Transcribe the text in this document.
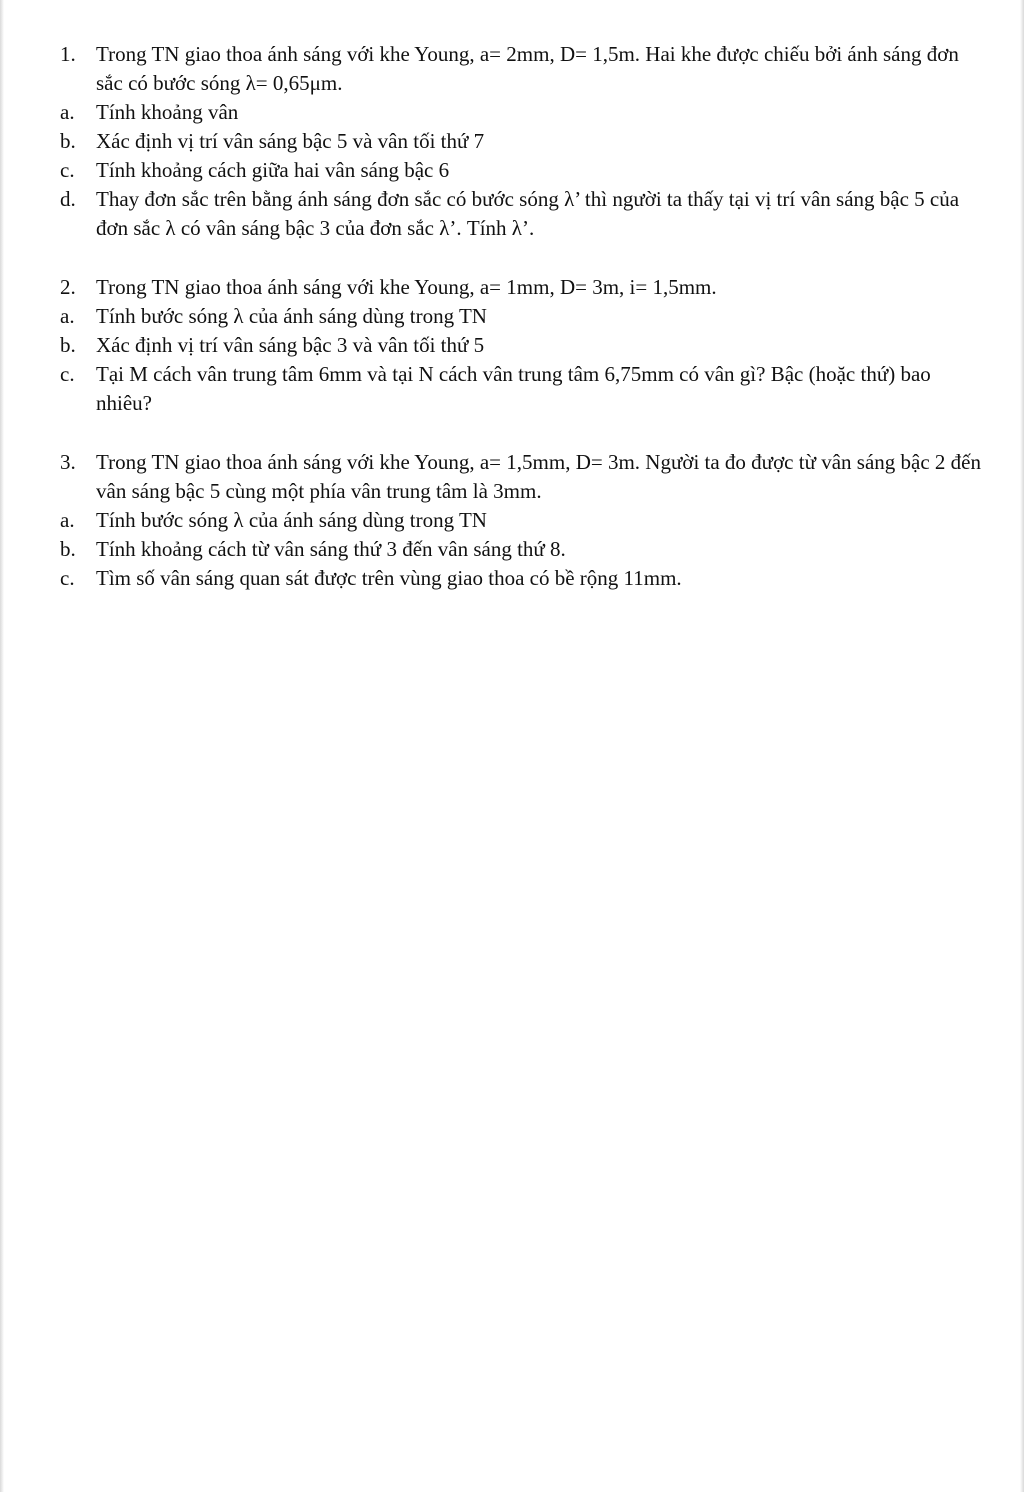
1. Trong TN giao thoa ánh sáng với khe Young, a= 2mm, D= 1,5m. Hai khe được chiếu bởi ánh sáng đơn sắc có bước sóng λ= 0,65μm.
a.	Tính khoảng vân
b. Xác định vị trí vân sáng bậc 5 và vân tối thứ 7
c.	Tính khoảng cách giữa hai vân sáng bậc 6
d. Thay đơn sắc trên bằng ánh sáng đơn sắc có bước sóng λ’ thì người ta thấy tại vị trí vân sáng bậc 5 của đơn sắc λ có vân sáng bậc 3 của đơn sắc λ’. Tính λ’.
2. Trong TN giao thoa ánh sáng với khe Young, a= 1mm, D= 3m, i= 1,5mm.
a.	Tính bước sóng λ của ánh sáng dùng trong TN
b. Xác định vị trí vân sáng bậc 3 và vân tối thứ 5
c.	Tại M cách vân trung tâm 6mm và tại N cách vân trung tâm 6,75mm có vân gì? Bậc (hoặc thứ) bao nhiêu?
3. Trong TN giao thoa ánh sáng với khe Young, a= 1,5mm, D= 3m. Người ta đo được từ vân sáng bậc 2 đến vân sáng bậc 5 cùng một phía vân trung tâm là 3mm.
a.	Tính bước sóng λ của ánh sáng dùng trong TN
b. Tính khoảng cách từ vân sáng thứ 3 đến vân sáng thứ 8.
c.	Tìm số vân sáng quan sát được trên vùng giao thoa có bề rộng 11mm.
